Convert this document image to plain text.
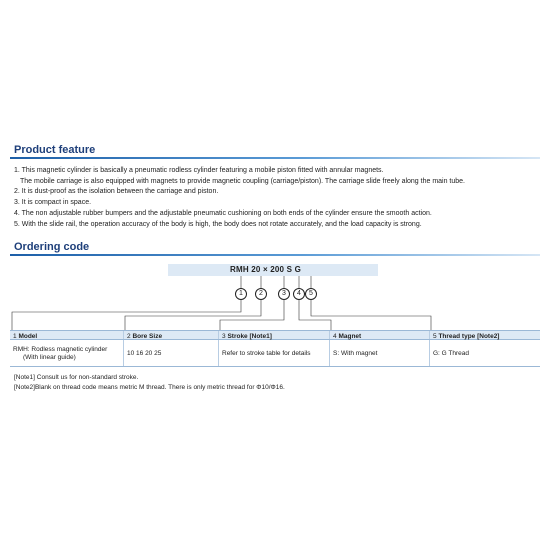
Product feature
1. This magnetic cylinder is basically a pneumatic rodless cylinder featuring a mobile piston fitted with annular magnets.
The mobile carriage is also equipped with magnets to provide magnetic coupling (carriage/piston). The carriage slide freely along the main tube.
2. It is dust-proof as the isolation between the carriage and piston.
3. It is compact in space.
4. The non adjustable rubber bumpers and the adjustable pneumatic cushioning on both ends of the cylinder ensure the smooth action.
5. With the slide rail, the operation accuracy of the body is high, the body does not rotate accurately, and the load capacity is strong.
Ordering code
RMH 20 × 200 S G
1	2	3	4	5
1 Model	2 Bore Size	3 Stroke [Note1]	4 Magnet	5 Thread type [Note2]
RMH: Rodless magnetic cylinder
(With linear guide)	10 16 20 25	Refer to stroke table for details	S: With magnet	G: G Thread
[Note1] Consult us for non-standard stroke.
[Note2]Blank on thread code means metric M thread. There is only metric thread for Φ10/Φ16.
